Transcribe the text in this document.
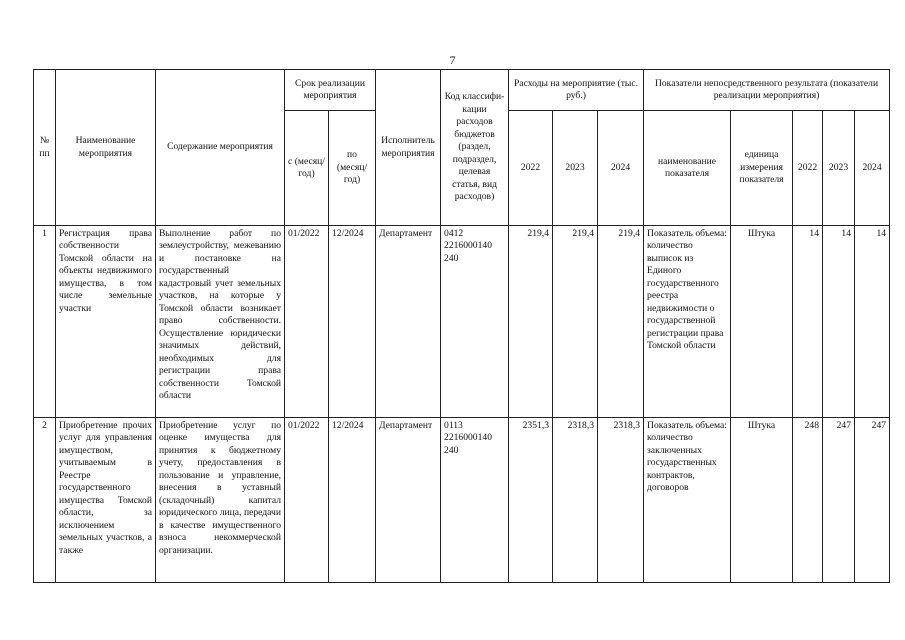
7
№ пп	Наименование мероприятия	Содержание мероприятия	Срок реализации мероприятия		Исполнитель мероприятия	Код классифи- кации расходов бюджетов (раздел, подраздел, целевая статья, вид расходов)	Расходы на мероприятие (тыс. руб.)			Показатели непосредственного результата (показатели реализации мероприятия)				
			с (месяц/ год)	по (месяц/ год)			2022	2023	2024	наименование показателя	единица измерения показателя	2022	2023	2024
1	Регистрация права собственности Томской области на объекты недвижимого имущества, в том числе земельные участки	Выполнение работ по землеустройству, межеванию и постановке на государственный кадастровый учет земельных участков, на которые у Томской области возникает право собственности. Осуществление юридически значимых действий, необходимых для регистрации права собственности Томской области	01/2022	12/2024	Департамент	0412 2216000140 240	219,4	219,4	219,4	Показатель объема: количество выписок из Единого государственного реестра недвижимости о государственной регистрации права Томской области	Штука	14	14	14
2	Приобретение прочих услуг для управления имуществом, учитываемым в Реестре государственного имущества Томской области, за исключением земельных участков, а также	Приобретение услуг по оценке имущества для принятия к бюджетному учету, предоставления в пользование и управление, внесения в уставный (складочный) капитал юридического лица, передачи в качестве имущественного взноса некоммерческой организации.	01/2022	12/2024	Департамент	0113 2216000140 240	2351,3	2318,3	2318,3	Показатель объема: количество заключенных государственных контрактов, договоров	Штука	248	247	247
